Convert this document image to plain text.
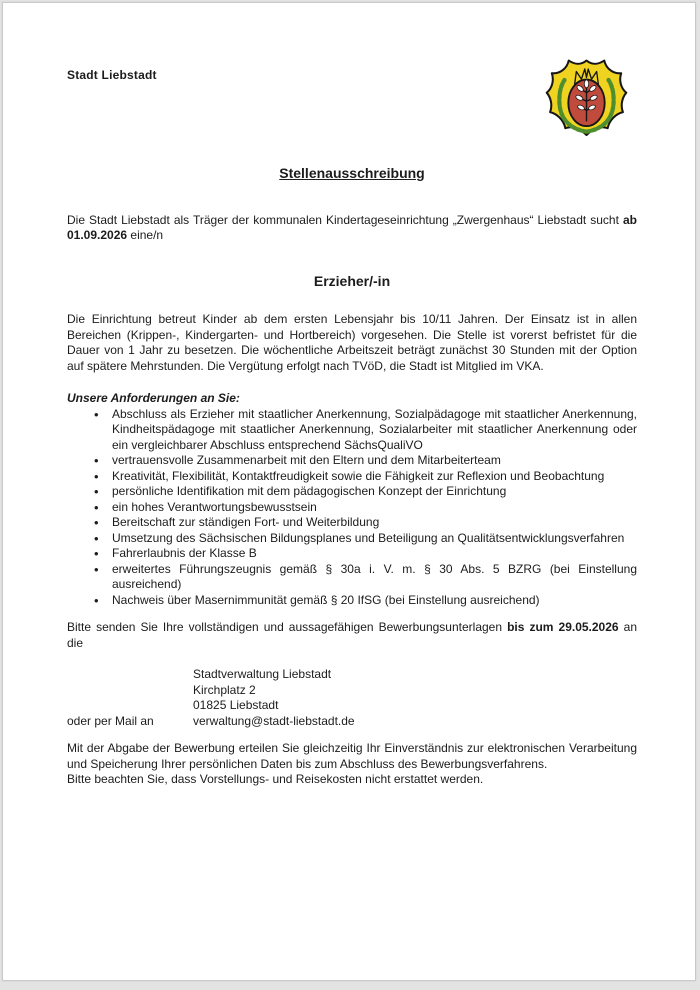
Stadt Liebstadt
Stellenausschreibung

Die Stadt Liebstadt als Träger der kommunalen Kindertageseinrichtung „Zwergenhaus“ Liebstadt sucht ab 01.09.2026 eine/n

Erzieher/-in

Die Einrichtung betreut Kinder ab dem ersten Lebensjahr bis 10/11 Jahren. Der Einsatz ist in allen Bereichen (Krippen-, Kindergarten- und Hortbereich) vorgesehen. Die Stelle ist vorerst befristet für die Dauer von 1 Jahr zu besetzen. Die wöchentliche Arbeitszeit beträgt zunächst 30 Stunden mit der Option auf spätere Mehrstunden. Die Vergütung erfolgt nach TVöD, die Stadt ist Mitglied im VKA.

Unsere Anforderungen an Sie:
• Abschluss als Erzieher mit staatlicher Anerkennung, Sozialpädagoge mit staatlicher Anerkennung, Kindheitspädagoge mit staatlicher Anerkennung, Sozialarbeiter mit staatlicher Anerkennung oder ein vergleichbarer Abschluss entsprechend SächsQualiVO
• vertrauensvolle Zusammenarbeit mit den Eltern und dem Mitarbeiterteam
• Kreativität, Flexibilität, Kontaktfreudigkeit sowie die Fähigkeit zur Reflexion und Beobachtung
• persönliche Identifikation mit dem pädagogischen Konzept der Einrichtung
• ein hohes Verantwortungsbewusstsein
• Bereitschaft zur ständigen Fort- und Weiterbildung
• Umsetzung des Sächsischen Bildungsplanes und Beteiligung an Qualitätsentwicklungsverfahren
• Fahrerlaubnis der Klasse B
• erweitertes Führungszeugnis gemäß § 30a i. V. m. § 30 Abs. 5 BZRG (bei Einstellung ausreichend)
• Nachweis über Masernimmunität gemäß § 20 IfSG (bei Einstellung ausreichend)

Bitte senden Sie Ihre vollständigen und aussagefähigen Bewerbungsunterlagen bis zum 29.05.2026 an die

Stadtverwaltung Liebstadt
Kirchplatz 2
01825 Liebstadt
oder per Mail an	verwaltung@stadt-liebstadt.de

Mit der Abgabe der Bewerbung erteilen Sie gleichzeitig Ihr Einverständnis zur elektronischen Verarbeitung und Speicherung Ihrer persönlichen Daten bis zum Abschluss des Bewerbungsverfahrens.

Bitte beachten Sie, dass Vorstellungs- und Reisekosten nicht erstattet werden.
